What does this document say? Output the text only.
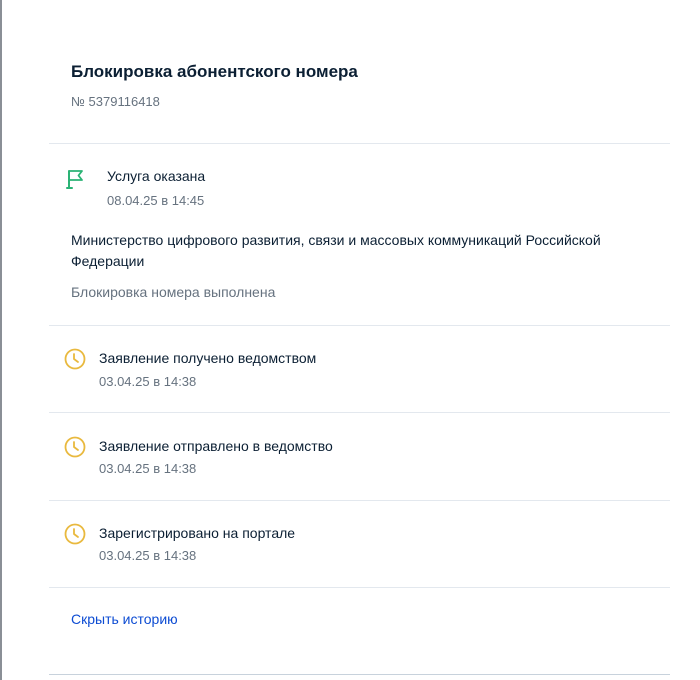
Блокировка абонентского номера
№ 5379116418
Услуга оказана
08.04.25 в 14:45
Министерство цифрового развития, связи и массовых коммуникаций Российской Федерации
Блокировка номера выполнена
Заявление получено ведомством
03.04.25 в 14:38
Заявление отправлено в ведомство
03.04.25 в 14:38
Зарегистрировано на портале
03.04.25 в 14:38
Скрыть историю
